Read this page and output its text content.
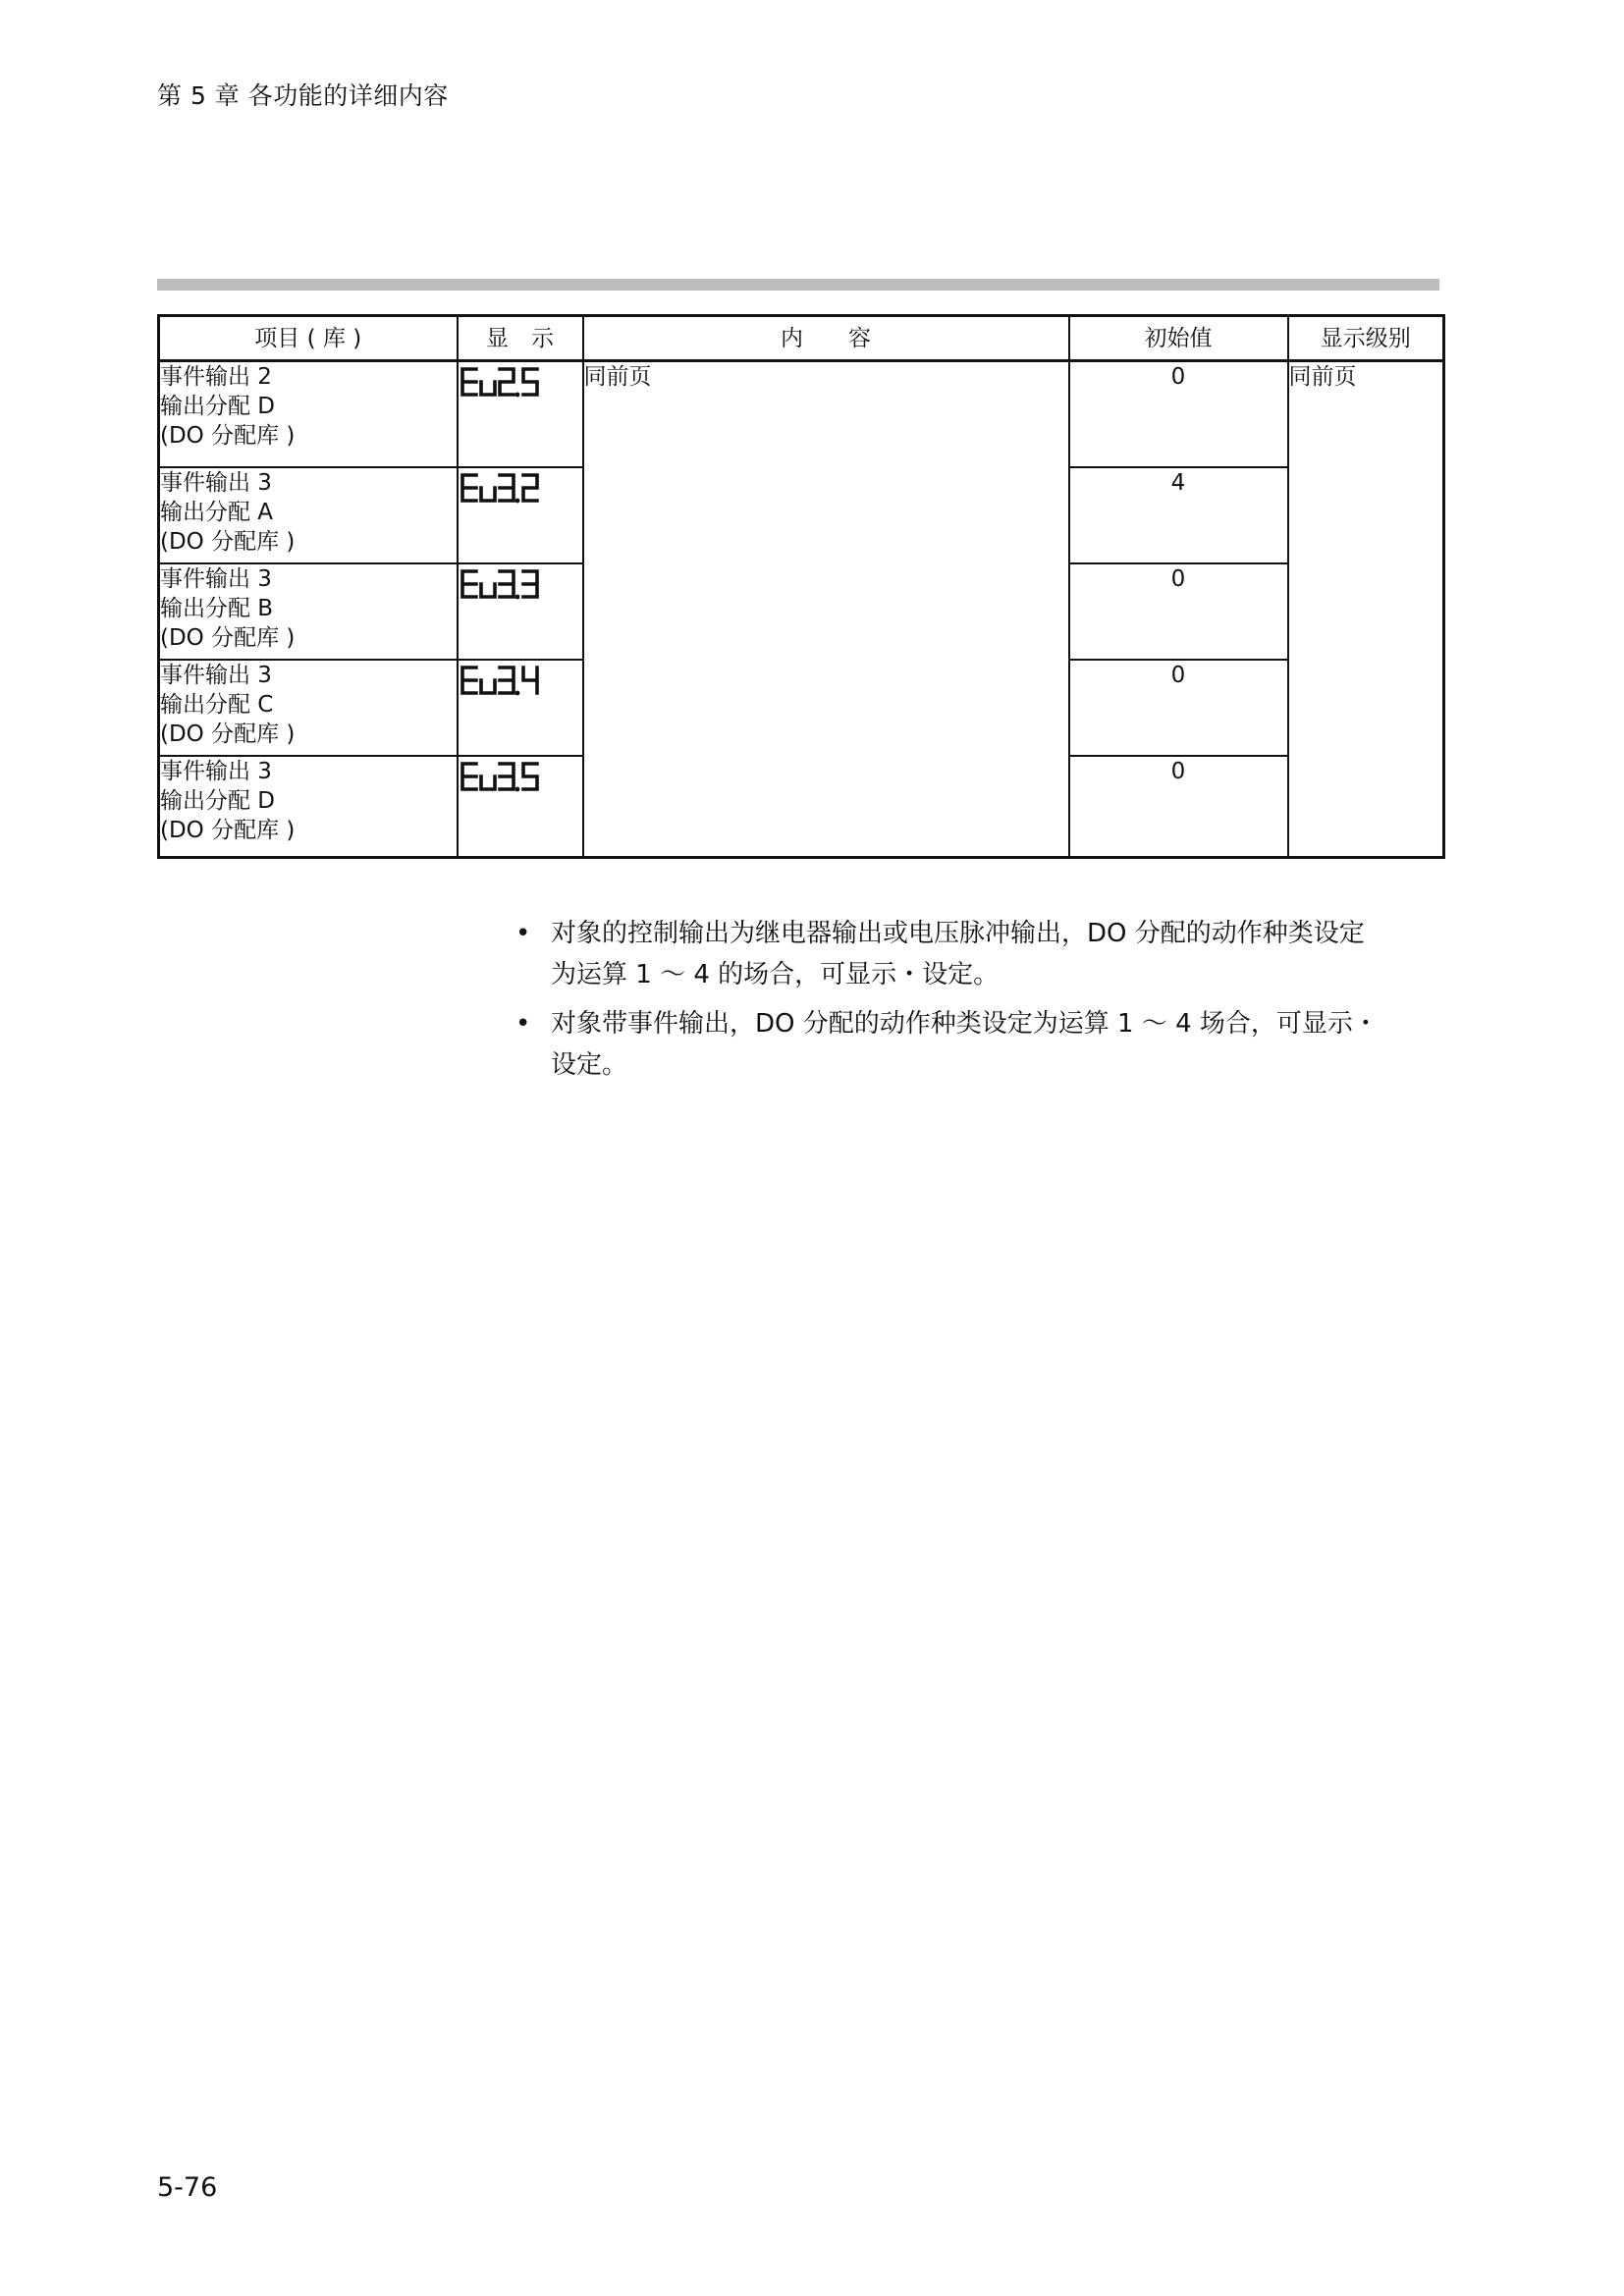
第 5 章 各功能的详细内容
项目 ( 库 )	显　示	内　　容	初始值	显示级别

事件输出 2
输出分配 D
(DO 分配库 )		同前页	0	同前页

事件输出 3
输出分配 A
(DO 分配库 )			4	

事件输出 3
输出分配 B
(DO 分配库 )			0	

事件输出 3
输出分配 C
(DO 分配库 )			0	

事件输出 3
输出分配 D
(DO 分配库 )			0	
• 对象的控制输出为继电器输出或电压脉冲输出，DO 分配的动作种类设定
为运算 1 ～ 4 的场合，可显示・设定。
• 对象带事件输出，DO 分配的动作种类设定为运算 1 ～ 4 场合，可显示・
设定。
5-76
